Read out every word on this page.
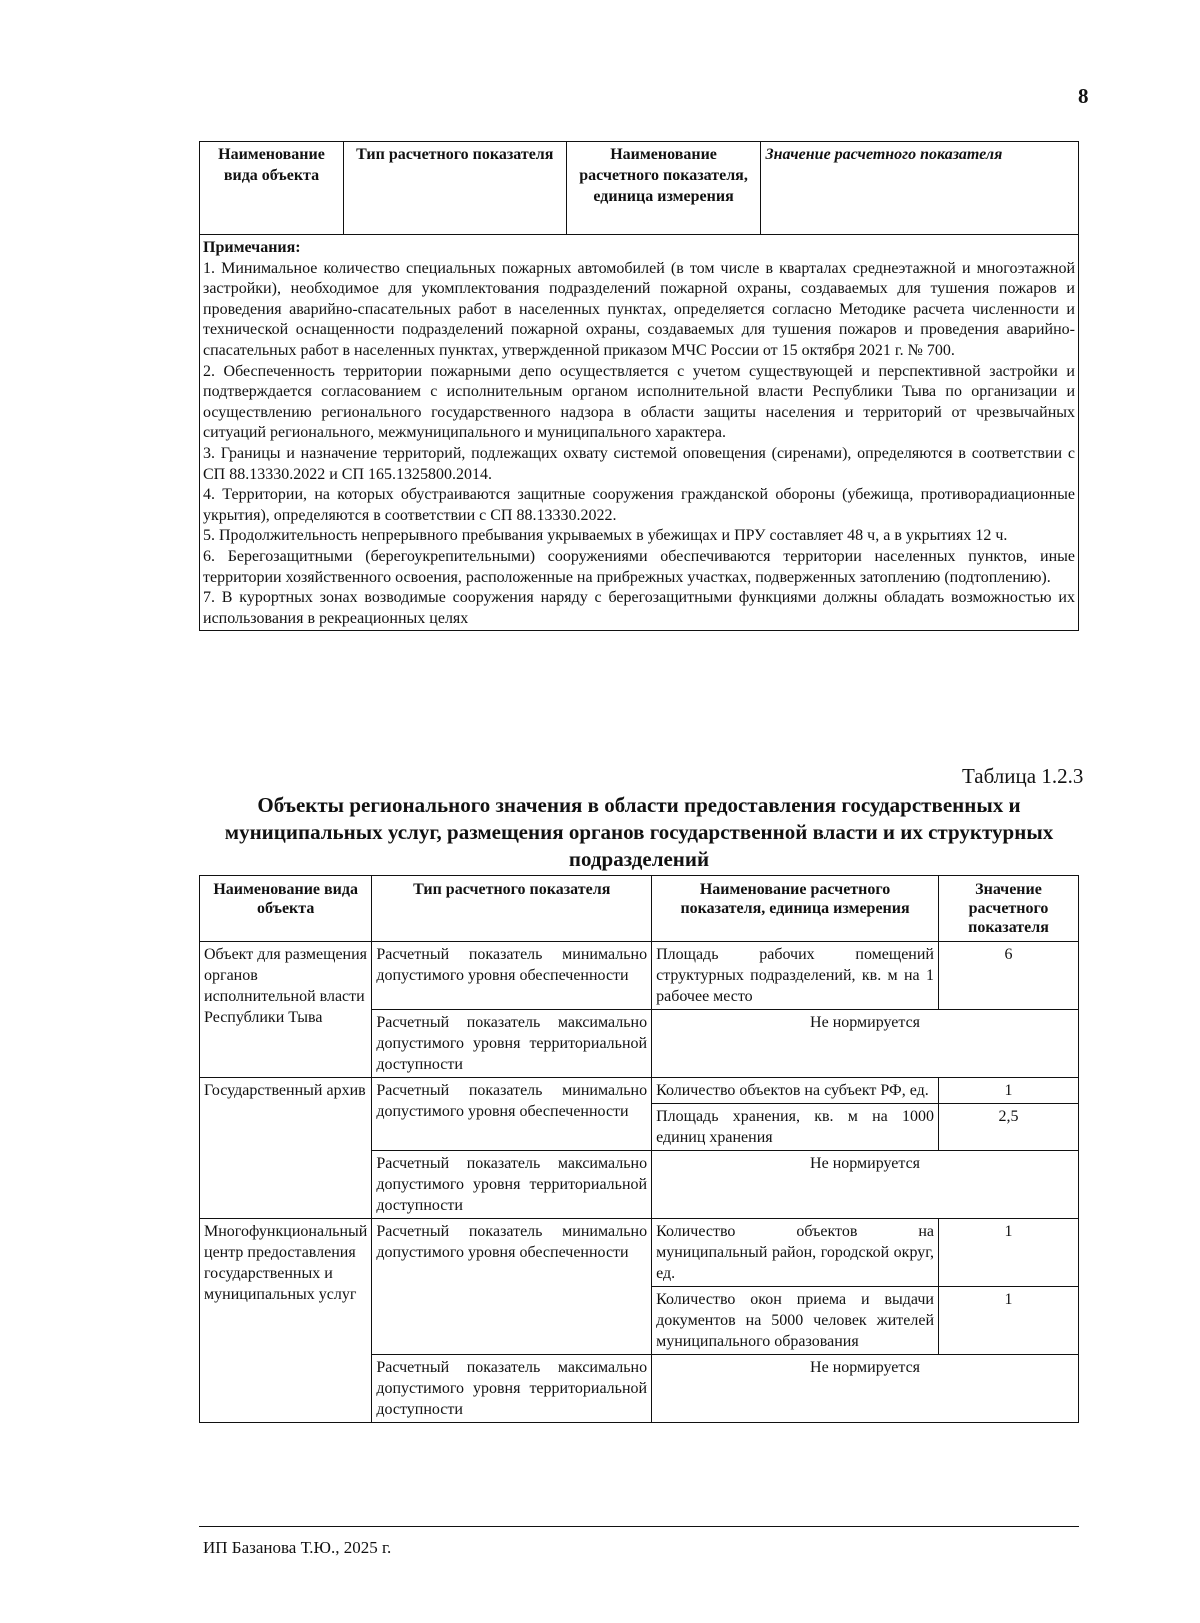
8
Наименование вида объекта	Тип расчетного показателя	Наименование расчетного показателя, единица измерения	Значение расчетного показателя

Примечания:
1. Минимальное количество специальных пожарных автомобилей (в том числе в кварталах среднеэтажной и многоэтажной застройки), необходимое для укомплектования подразделений пожарной охраны, создаваемых для тушения пожаров и проведения аварийно-спасательных работ в населенных пунктах, определяется согласно Методике расчета численности и технической оснащенности подразделений пожарной охраны, создаваемых для тушения пожаров и проведения аварийно-спасательных работ в населенных пунктах, утвержденной приказом МЧС России от 15 октября 2021 г. № 700.
2. Обеспеченность территории пожарными депо осуществляется с учетом существующей и перспективной застройки и подтверждается согласованием с исполнительным органом исполнительной власти Республики Тыва по организации и осуществлению регионального государственного надзора в области защиты населения и территорий от чрезвычайных ситуаций регионального, межмуниципального и муниципального характера.
3. Границы и назначение территорий, подлежащих охвату системой оповещения (сиренами), определяются в соответствии с СП 88.13330.2022 и СП 165.1325800.2014.
4. Территории, на которых обустраиваются защитные сооружения гражданской обороны (убежища, противорадиационные укрытия), определяются в соответствии с СП 88.13330.2022.
5. Продолжительность непрерывного пребывания укрываемых в убежищах и ПРУ составляет 48 ч, а в укрытиях 12 ч.
6. Берегозащитными (берегоукрепительными) сооружениями обеспечиваются территории населенных пунктов, иные территории хозяйственного освоения, расположенные на прибрежных участках, подверженных затоплению (подтоплению).
7. В курортных зонах возводимые сооружения наряду с берегозащитными функциями должны обладать возможностью их использования в рекреационных целях
Таблица 1.2.3
Объекты регионального значения в области предоставления государственных и муниципальных услуг, размещения органов государственной власти и их структурных подразделений
Наименование вида объекта	Тип расчетного показателя	Наименование расчетного показателя, единица измерения	Значение расчетного показателя
Объект для размещения органов исполнительной власти Республики Тыва	Расчетный показатель минимально допустимого уровня обеспеченности	Площадь рабочих помещений структурных подразделений, кв. м на 1 рабочее место	6
	Расчетный показатель максимально допустимого уровня территориальной доступности	Не нормируется	
Государственный архив	Расчетный показатель минимально допустимого уровня обеспеченности	Количество объектов на субъект РФ, ед.	1
		Площадь хранения, кв. м на 1000 единиц хранения	2,5
	Расчетный показатель максимально допустимого уровня территориальной доступности	Не нормируется	
Многофункциональный центр предоставления государственных и муниципальных услуг	Расчетный показатель минимально допустимого уровня обеспеченности	Количество объектов на муниципальный район, городской округ, ед.	1
		Количество окон приема и выдачи документов на 5000 человек жителей муниципального образования	1
	Расчетный показатель максимально допустимого уровня территориальной доступности	Не нормируется	
ИП Базанова Т.Ю., 2025 г.
